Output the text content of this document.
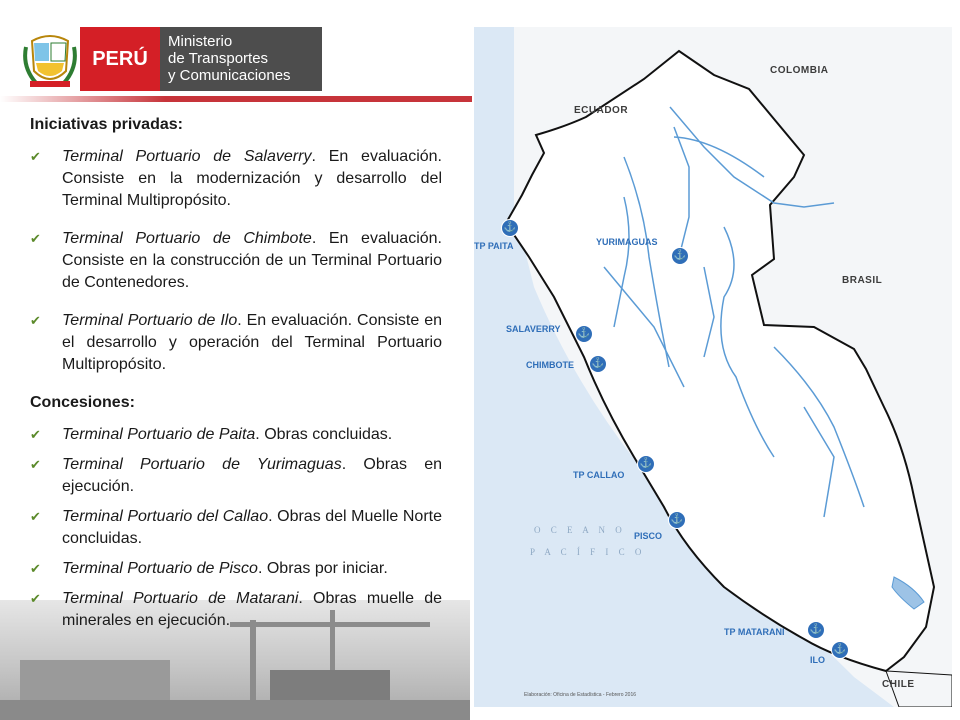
PERÚ
Ministerio
de Transportes
y Comunicaciones
Iniciativas privadas:
✔ Terminal Portuario de Salaverry. En evaluación. Consiste en la modernización y desarrollo del Terminal Multipropósito.
✔ Terminal Portuario de Chimbote. En evaluación. Consiste en la construcción de un Terminal Portuario de Contenedores.
✔ Terminal Portuario de Ilo. En evaluación. Consiste en el desarrollo y operación del Terminal Portuario Multipropósito.
Concesiones:
✔ Terminal Portuario de Paita. Obras concluidas.
✔ Terminal Portuario de Yurimaguas. Obras en ejecución.
✔ Terminal Portuario del Callao. Obras del Muelle Norte concluidas.
✔ Terminal Portuario de Pisco. Obras por iniciar.
✔ Terminal Portuario de Matarani. Obras muelle de minerales en ejecución.
COLOMBIA
ECUADOR
BRASIL
CHILE
O C E A N O
P A C Í F I C O
⚓
TP PAITA
⚓
YURIMAGUAS
⚓
SALAVERRY
⚓
CHIMBOTE
⚓
TP CALLAO
⚓
PISCO
⚓
TP MATARANI
⚓
ILO
Elaboración: Oficina de Estadística - Febrero 2016
